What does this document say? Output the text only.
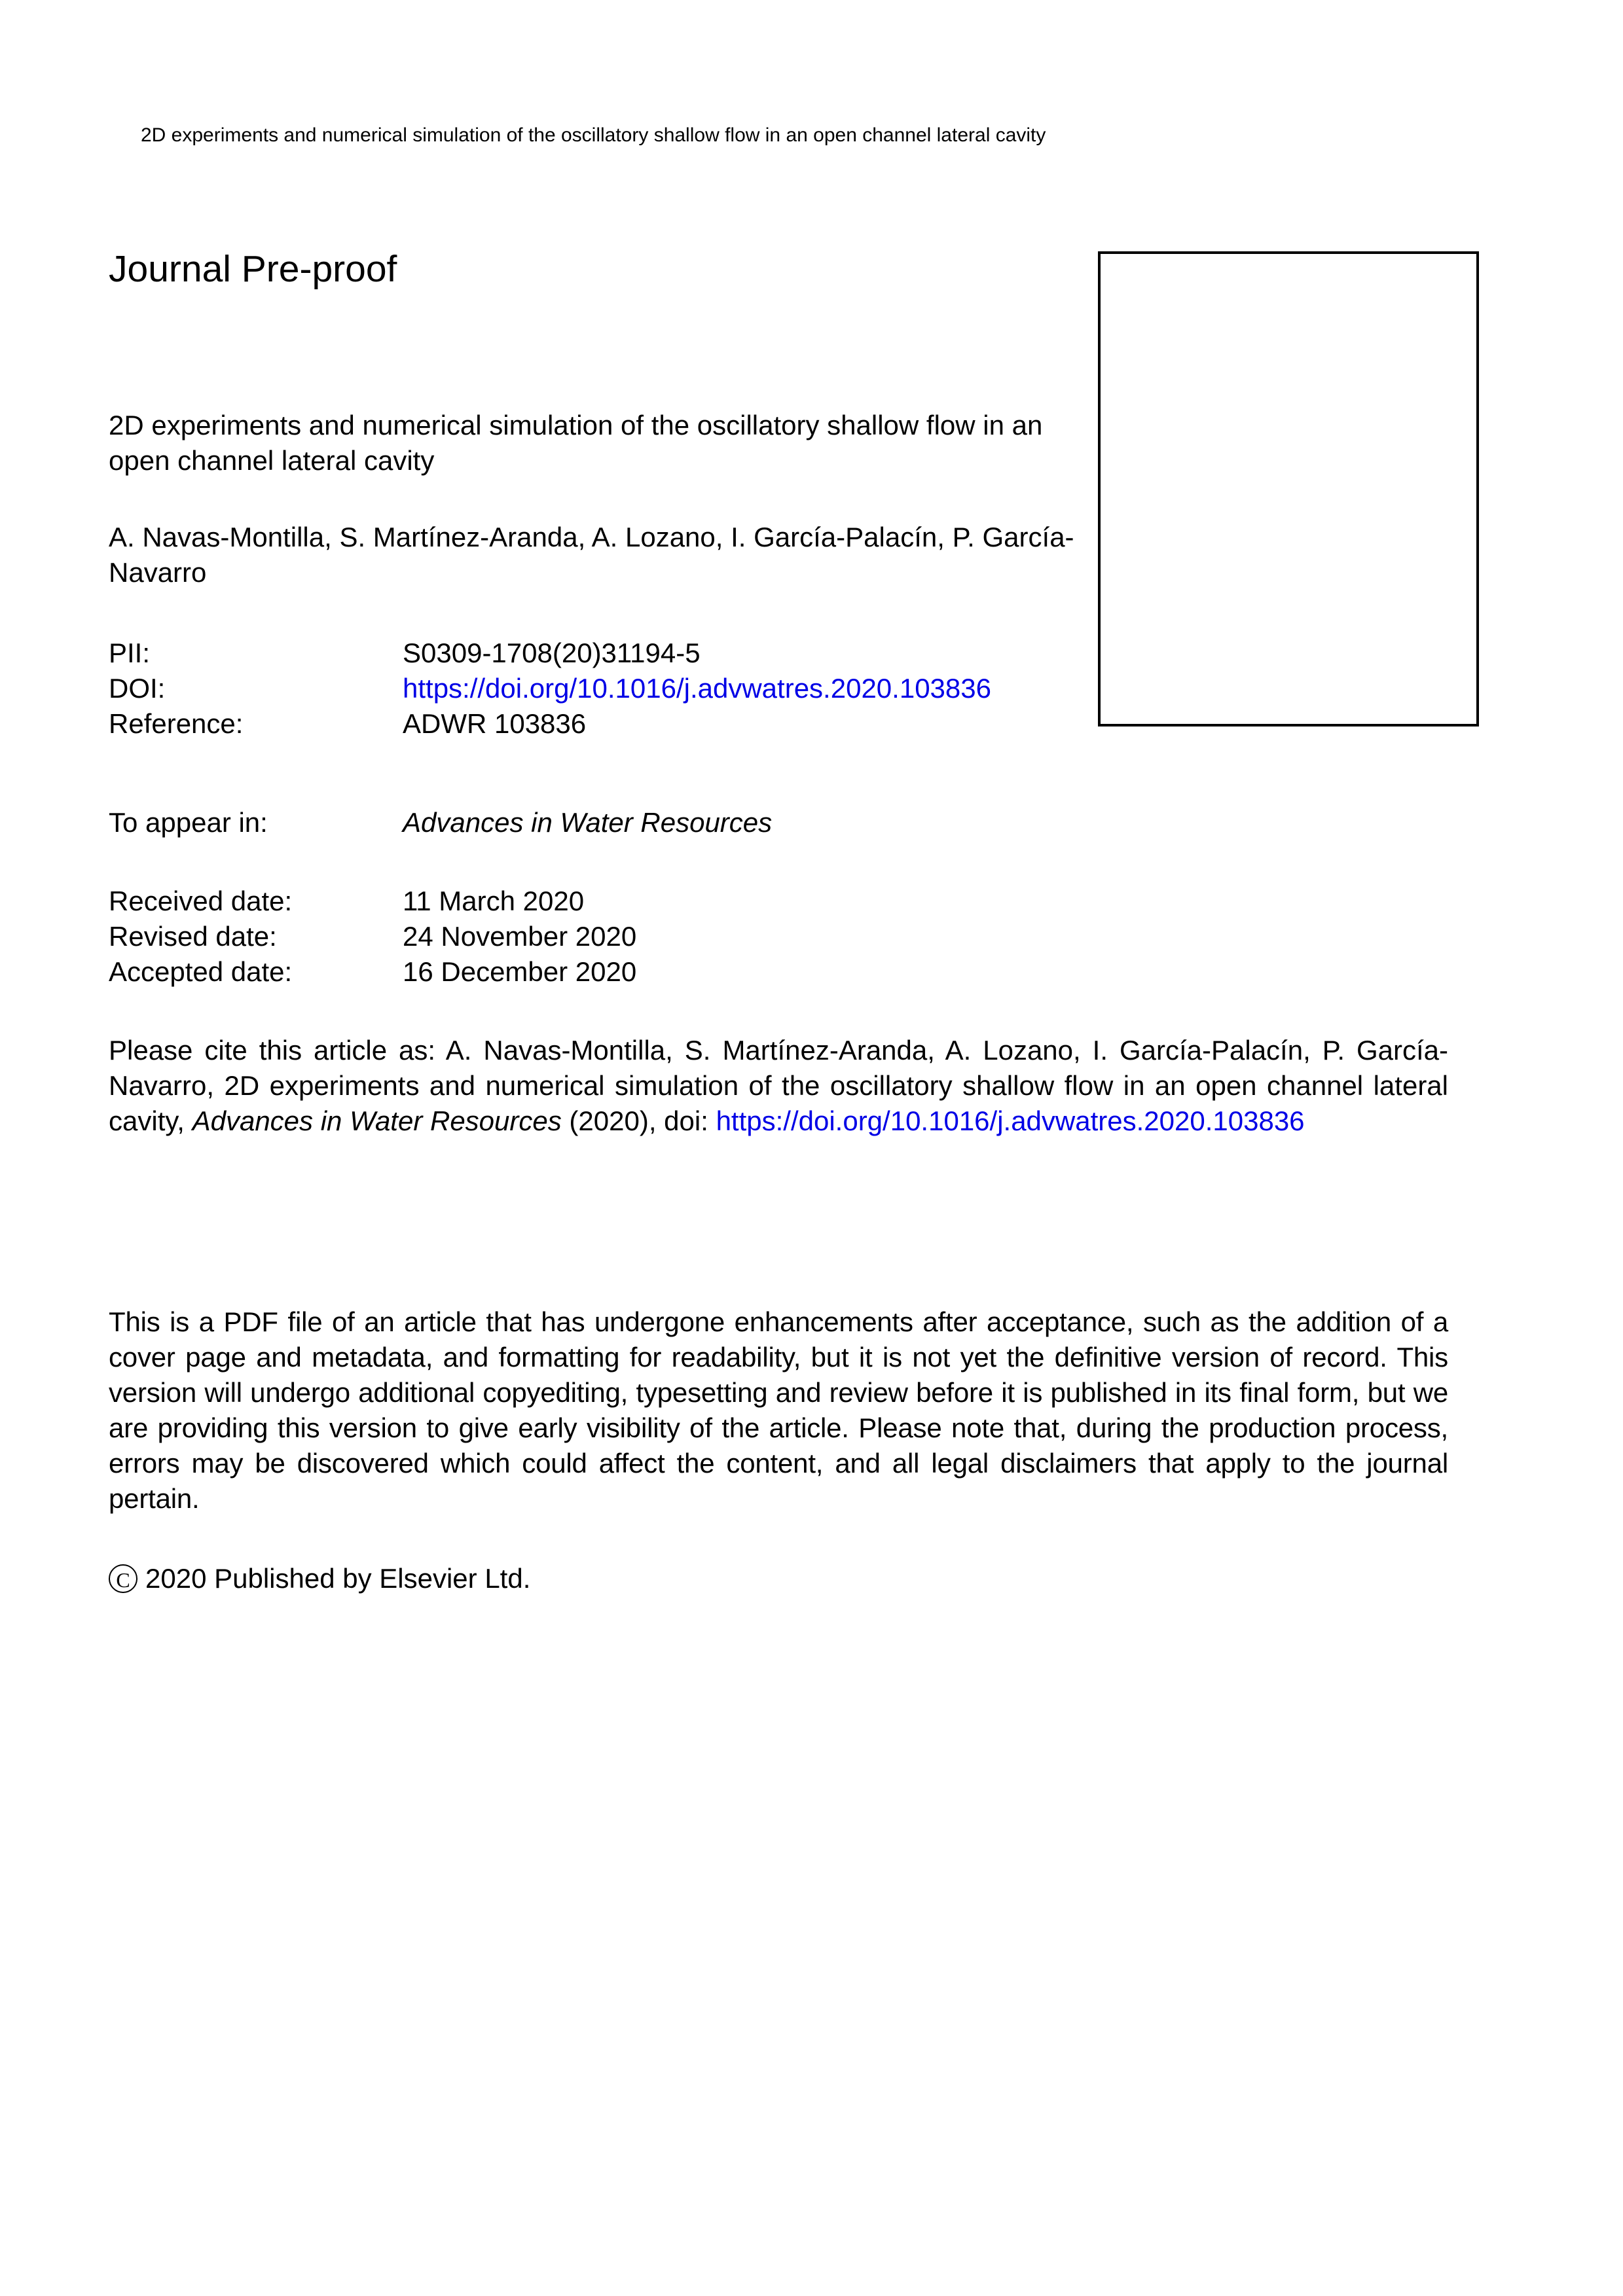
2D experiments and numerical simulation of the oscillatory shallow flow in an open channel lateral cavity
Journal Pre-proof
2D experiments and numerical simulation of the oscillatory shallow flow in an open channel lateral cavity
A. Navas-Montilla, S. Martínez-Aranda, A. Lozano, I. García-Palacín, P. García-Navarro
PII:	S0309-1708(20)31194-5
DOI:	https://doi.org/10.1016/j.advwatres.2020.103836
Reference:	ADWR 103836
To appear in:	Advances in Water Resources
Received date:	11 March 2020
Revised date:	24 November 2020
Accepted date:	16 December 2020
Please cite this article as: A. Navas-Montilla, S. Martínez-Aranda, A. Lozano, I. García-Palacín, P. García-Navarro, 2D experiments and numerical simulation of the oscillatory shallow flow in an open channel lateral cavity, Advances in Water Resources (2020), doi: https://doi.org/10.1016/j.advwatres.2020.103836
This is a PDF file of an article that has undergone enhancements after acceptance, such as the addition of a cover page and metadata, and formatting for readability, but it is not yet the definitive version of record. This version will undergo additional copyediting, typesetting and review before it is published in its final form, but we are providing this version to give early visibility of the article. Please note that, during the production process, errors may be discovered which could affect the content, and all legal disclaimers that apply to the journal pertain.
C 2020 Published by Elsevier Ltd.
